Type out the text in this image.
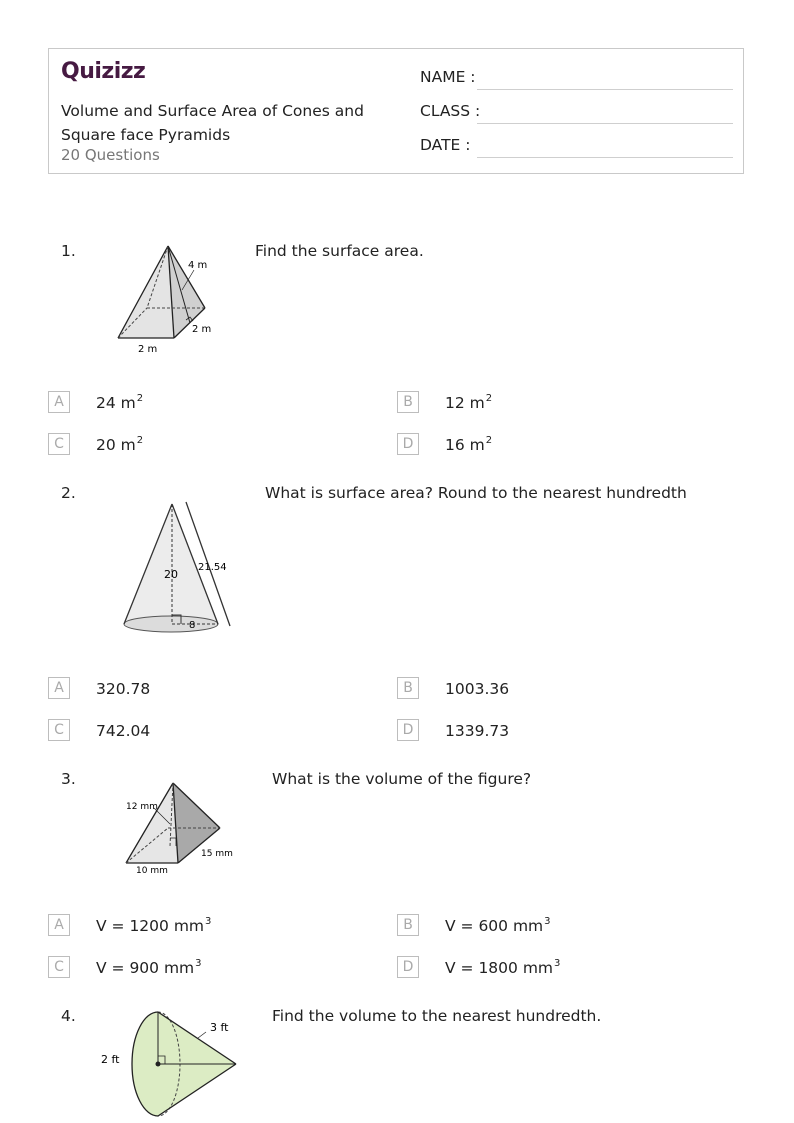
Quizizz
Volume and Surface Area of Cones and Square face Pyramids
20 Questions
NAME :
CLASS :
DATE :
1.
4 m
2 m
2 m
Find the surface area.
A	24 $m^2$	B	12 $m^2$
C	20 $m^2$	D	16 $m^2$
2.
20
21.54
8
What is surface area? Round to the nearest hundredth
A	320.78	B	1003.36
C	742.04	D	1339.73
3.
12 mm
15 mm
10 mm
What is the volume of the figure?
A	V = 1200 $mm^3$	B	V = 600 $mm^3$
C	V = 900 $mm^3$	D	V = 1800 $mm^3$
4.
3 ft
2 ft
Find the volume to the nearest hundredth.
